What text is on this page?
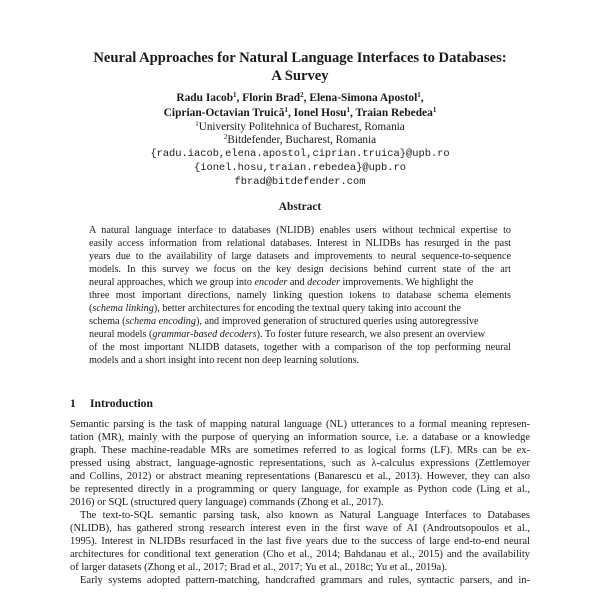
Neural Approaches for Natural Language Interfaces to Databases:
A Survey
Radu Iacob$^1$, Florin Brad$^2$, Elena-Simona Apostol$^1$,
Ciprian-Octavian Truică$^1$, Ionel Hosu$^1$, Traian Rebedea$^1$
$^1$University Politehnica of Bucharest, Romania
$^2$Bitdefender, Bucharest, Romania
{radu.iacob,elena.apostol,ciprian.truica}@upb.ro
{ionel.hosu,traian.rebedea}@upb.ro
fbrad@bitdefender.com
Abstract
A natural language interface to databases (NLIDB) enables users without technical expertise to
easily access information from relational databases. Interest in NLIDBs has resurged in the past
years due to the availability of large datasets and improvements to neural sequence-to-sequence
models. In this survey we focus on the key design decisions behind current state of the art
neural approaches, which we group into encoder and decoder improvements. We highlight the
three most important directions, namely linking question tokens to database schema elements
(schema linking), better architectures for encoding the textual query taking into account the
schema (schema encoding), and improved generation of structured queries using autoregressive
neural models (grammar-based decoders). To foster future research, we also present an overview
of the most important NLIDB datasets, together with a comparison of the top performing neural
models and a short insight into recent non deep learning solutions.
1 Introduction
Semantic parsing is the task of mapping natural language (NL) utterances to a formal meaning represen-
tation (MR), mainly with the purpose of querying an information source, i.e. a database or a knowledge
graph. These machine-readable MRs are sometimes referred to as logical forms (LF). MRs can be ex-
pressed using abstract, language-agnostic representations, such as λ-calculus expressions (Zettlemoyer
and Collins, 2012) or abstract meaning representations (Banarescu et al., 2013). However, they can also
be represented directly in a programming or query language, for example as Python code (Ling et al.,
2016) or SQL (structured query language) commands (Zhong et al., 2017).
The text-to-SQL semantic parsing task, also known as Natural Language Interfaces to Databases
(NLIDB), has gathered strong research interest even in the first wave of AI (Androutsopoulos et al.,
1995). Interest in NLIDBs resurfaced in the last five years due to the success of large end-to-end neural
architectures for conditional text generation (Cho et al., 2014; Bahdanau et al., 2015) and the availability
of larger datasets (Zhong et al., 2017; Brad et al., 2017; Yu et al., 2018c; Yu et al., 2019a).
Early systems adopted pattern-matching, handcrafted grammars and rules, syntactic parsers, and in-
